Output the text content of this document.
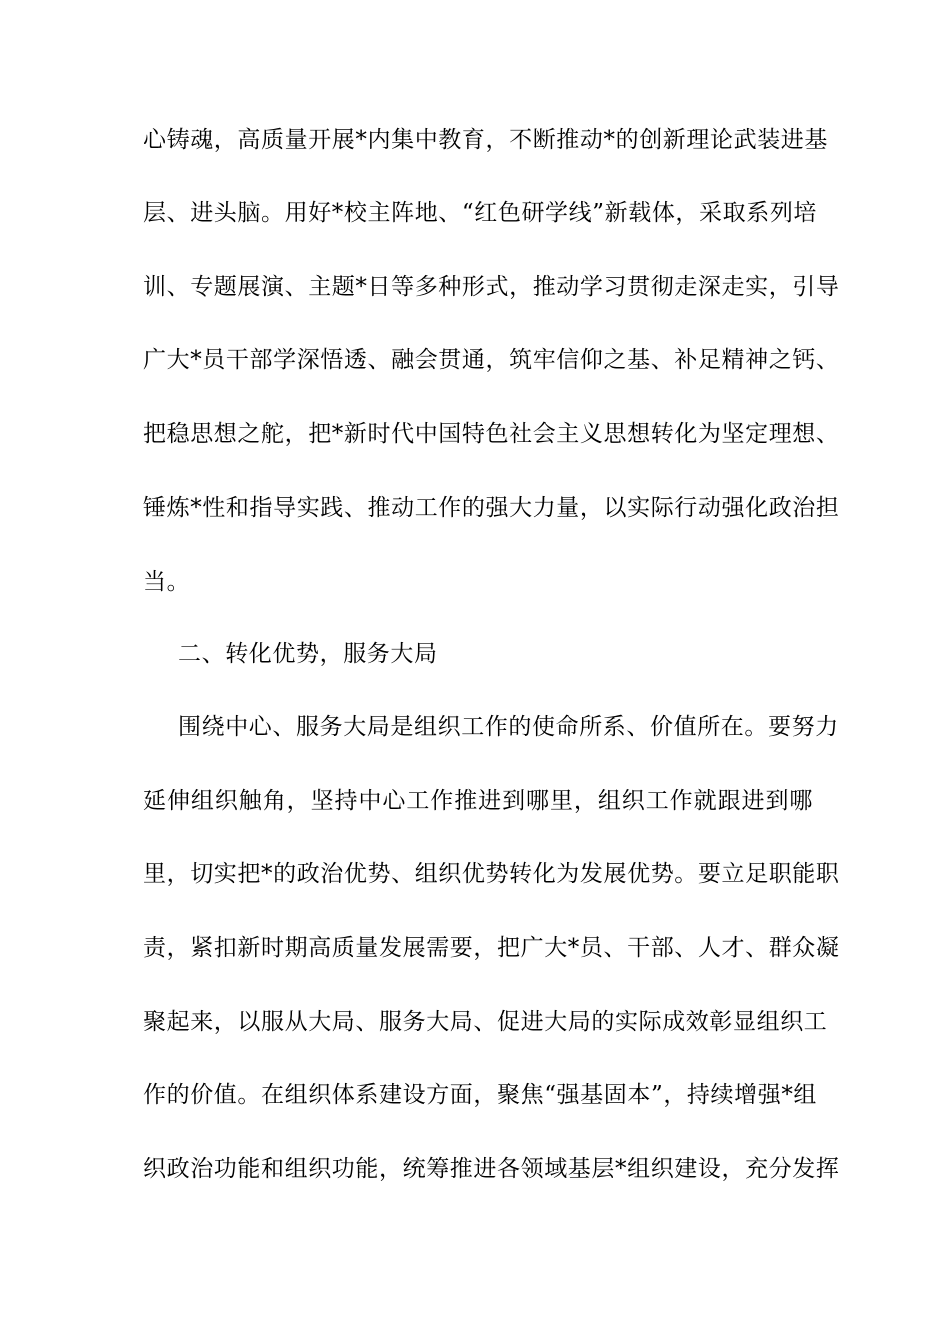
心铸魂，高质量开展*内集中教育，不断推动*的创新理论武装进基
层、进头脑。用好*校主阵地、“红色研学线”新载体，采取系列培
训、专题展演、主题*日等多种形式，推动学习贯彻走深走实，引导
广大*员干部学深悟透、融会贯通，筑牢信仰之基、补足精神之钙、
把稳思想之舵，把*新时代中国特色社会主义思想转化为坚定理想、
锤炼*性和指导实践、推动工作的强大力量，以实际行动强化政治担
当。
二、转化优势，服务大局
围绕中心、服务大局是组织工作的使命所系、价值所在。要努力
延伸组织触角，坚持中心工作推进到哪里，组织工作就跟进到哪
里，切实把*的政治优势、组织优势转化为发展优势。要立足职能职
责，紧扣新时期高质量发展需要，把广大*员、干部、人才、群众凝
聚起来，以服从大局、服务大局、促进大局的实际成效彰显组织工
作的价值。在组织体系建设方面，聚焦“强基固本”，持续增强*组
织政治功能和组织功能，统筹推进各领域基层*组织建设，充分发挥
